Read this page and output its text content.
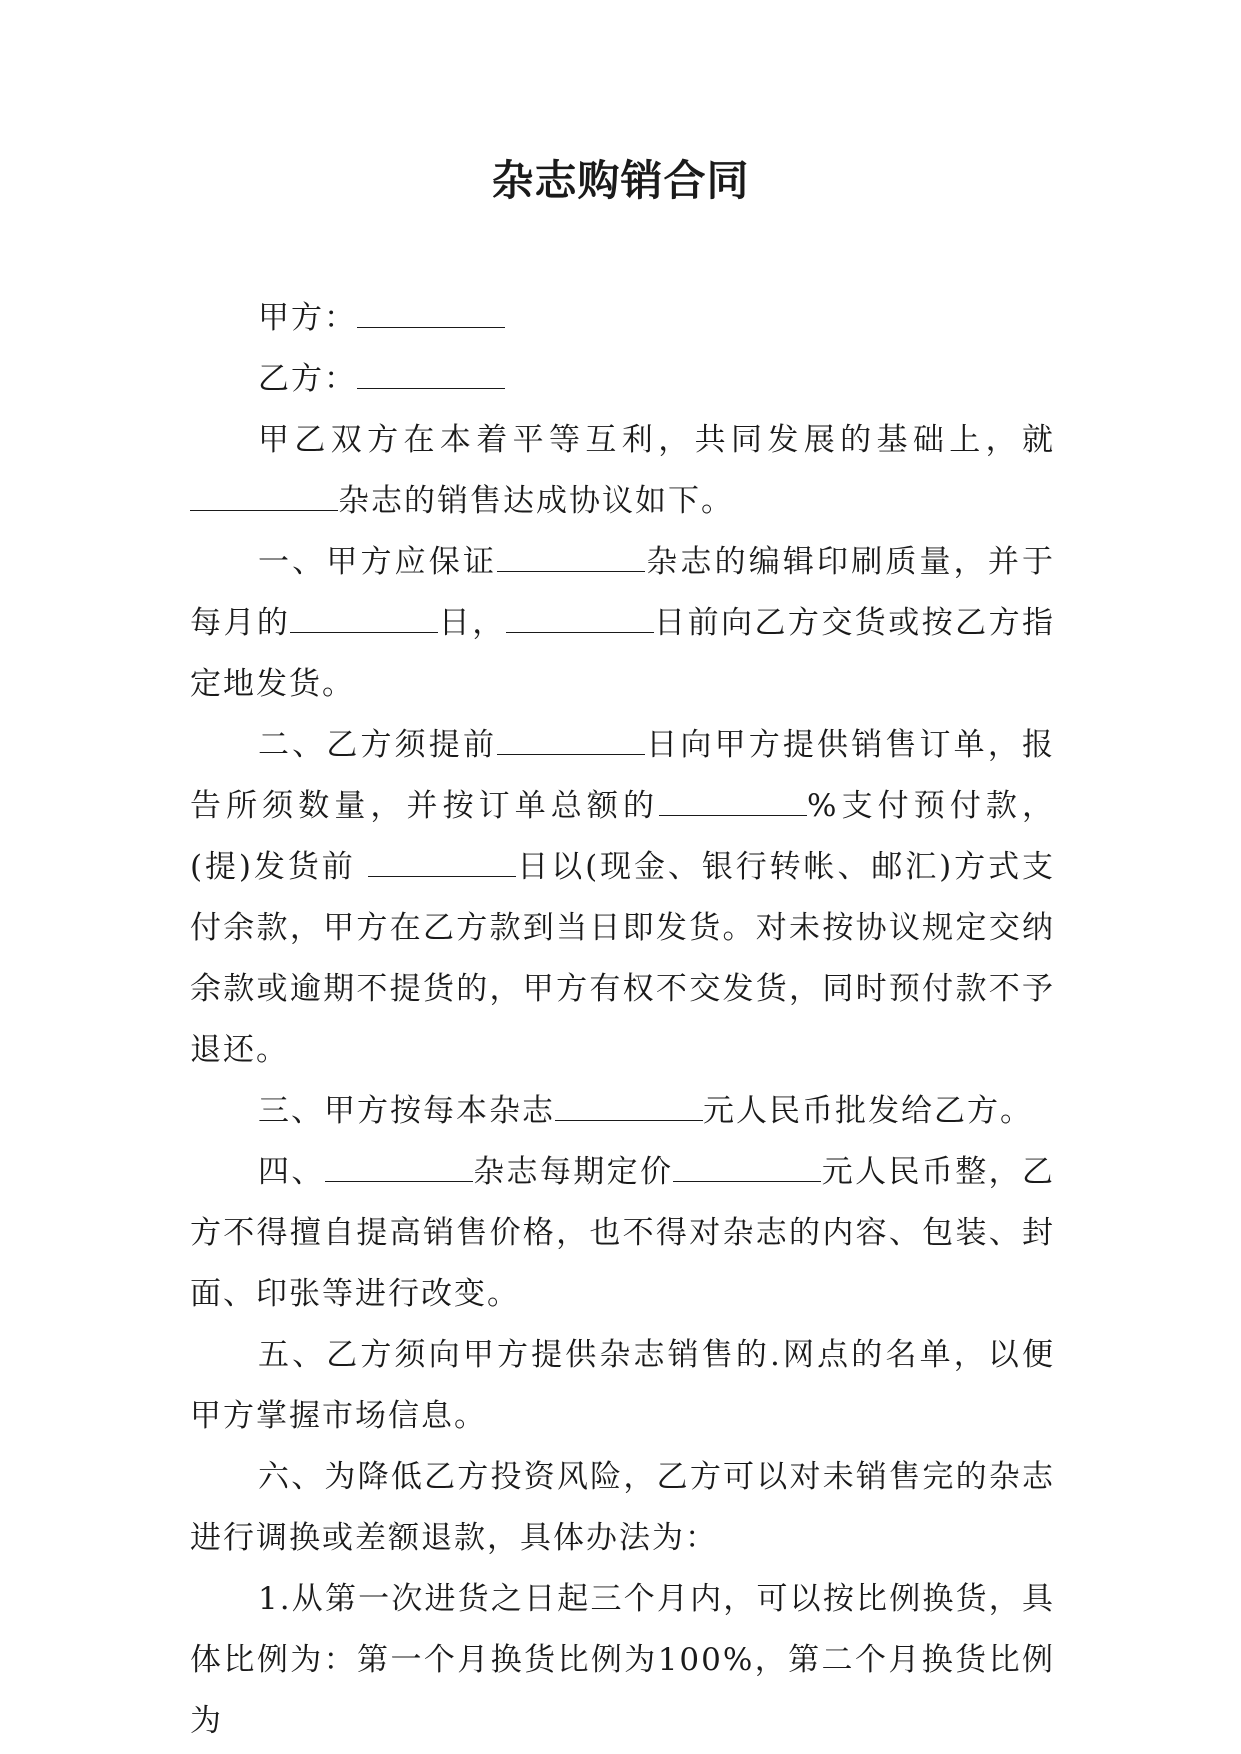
杂志购销合同

甲方：

乙方：

甲乙双方在本着平等互利，共同发展的基础上，就杂志的销售达成协议如下。

一、甲方应保证	杂志的编辑印刷质量，并于每月的	日，	日前向乙方交货或按乙方指定地发货。

二、乙方须提前	日向甲方提供销售订单，报告所须数量，并按订单总额的	%支付预付款，(提)发货前	日以(现金、银行转帐、邮汇)方式支付余款，甲方在乙方款到当日即发货。对未按协议规定交纳余款或逾期不提货的，甲方有权不交发货，同时预付款不予退还。

三、甲方按每本杂志	元人民币批发给乙方。

四、	杂志每期定价	元人民币整，乙方不得擅自提高销售价格，也不得对杂志的内容、包装、封面、印张等进行改变。

五、乙方须向甲方提供杂志销售的.网点的名单，以便甲方掌握市场信息。

六、为降低乙方投资风险，乙方可以对未销售完的杂志进行调换或差额退款，具体办法为：

1.从第一次进货之日起三个月内，可以按比例换货，具体比例为：第一个月换货比例为100%，第二个月换货比例为
